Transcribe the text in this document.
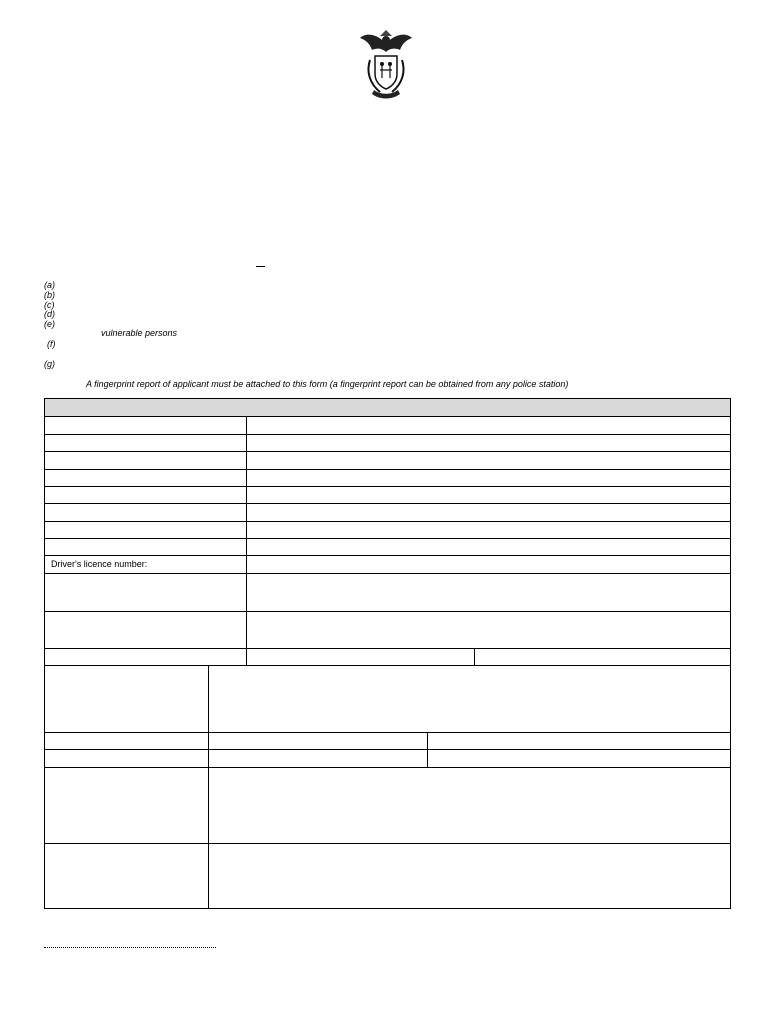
(a)
(b)
(c)
(d)
(e)
vulnerable persons
(f)
(g)

A fingerprint report of applicant must be attached to this form (a fingerprint report can be obtained from any police station)

Driver's licence number:
